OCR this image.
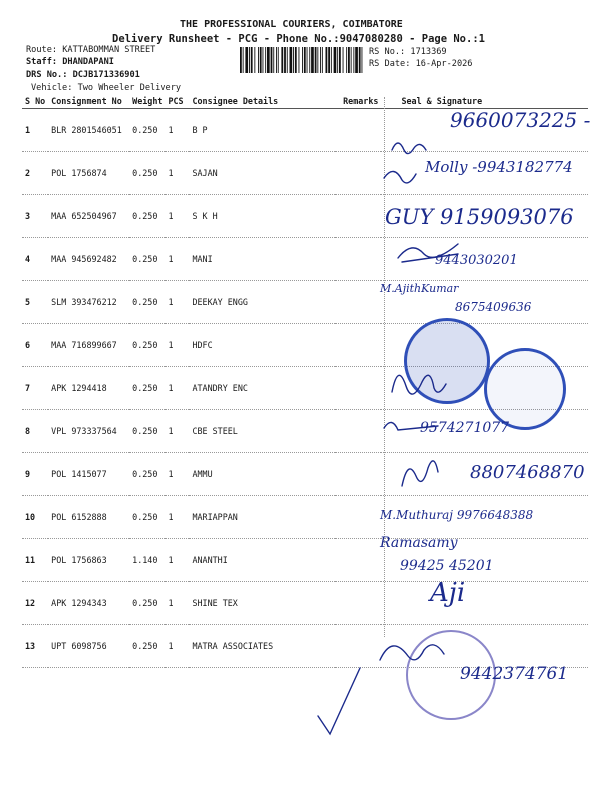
THE PROFESSIONAL COURIERS, COIMBATORE
Delivery Runsheet - PCG - Phone No.:9047080280 - Page No.:1
Route: KATTABOMMAN STREET
Staff: DHANDAPANI
DRS No.: DCJB171336901
Vehicle: Two Wheeler Delivery
RS No.: 1713369
RS Date: 16-Apr-2026
S No	Consignment No	Weight	PCS	Consignee Details	Remarks	Seal & Signature
1	BLR 2801546051	0.250	1	B P		
2	POL 1756874	0.250	1	SAJAN		
3	MAA 652504967	0.250	1	S K H		
4	MAA 945692482	0.250	1	MANI		
5	SLM 393476212	0.250	1	DEEKAY ENGG		
6	MAA 716899667	0.250	1	HDFC		
7	APK 1294418	0.250	1	ATANDRY ENC		
8	VPL 973337564	0.250	1	CBE STEEL		
9	POL 1415077	0.250	1	AMMU		
10	POL 6152888	0.250	1	MARIAPPAN		
11	POL 1756863	1.140	1	ANANTHI		
12	APK 1294343	0.250	1	SHINE TEX		
13	UPT 6098756	0.250	1	MATRA ASSOCIATES		
9660073225 -
Molly -9943182774
GUY 9159093076
9443030201
M.AjithKumar
8675409636
9574271077
8807468870
M.Muthuraj 9976648388
Ramasamy
99425 45201
Aji
9442374761
